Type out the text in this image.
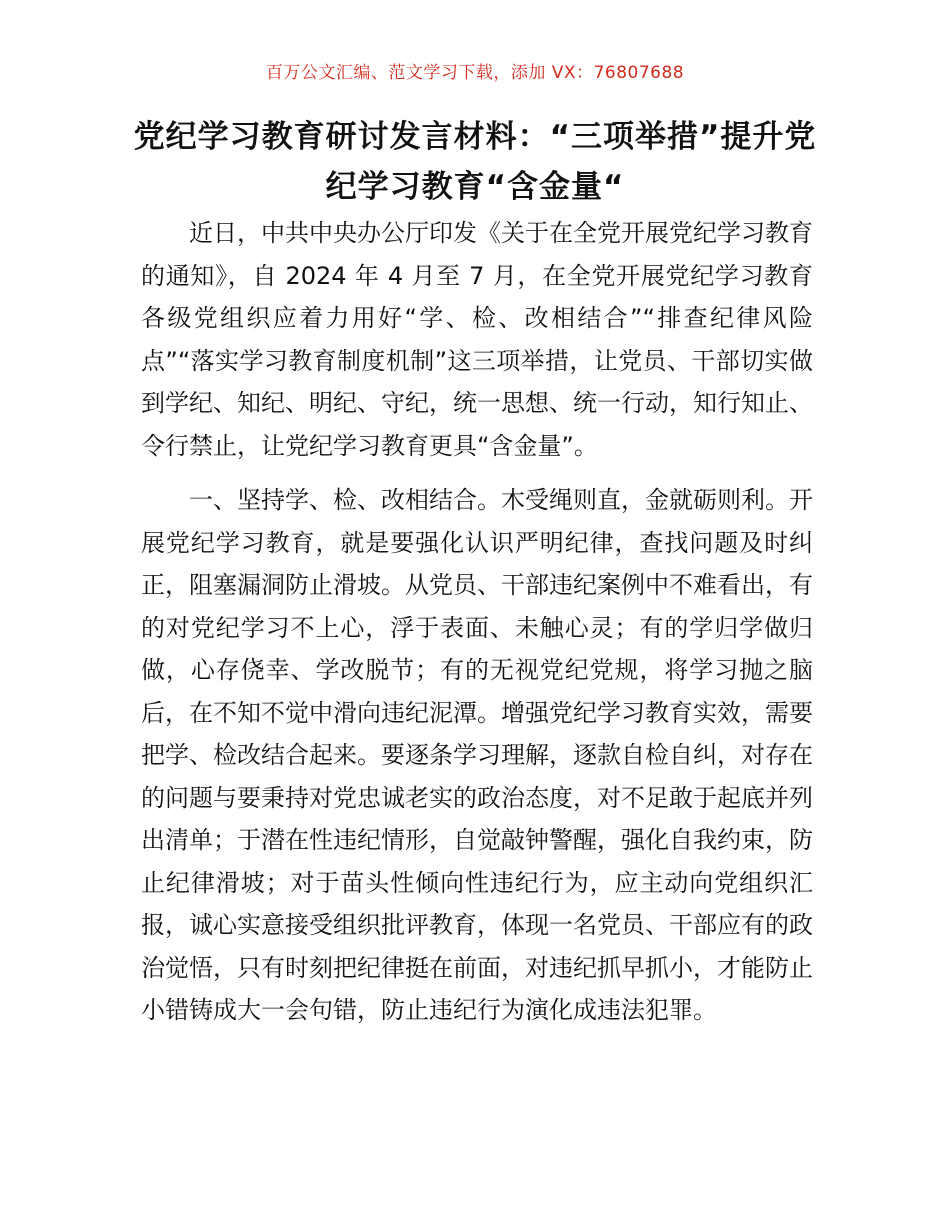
百万公文汇编、范文学习下载，添加 VX：76807688
党纪学习教育研讨发言材料：“三项举措”提升党纪学习教育“含金量“

近日，中共中央办公厅印发《关于在全党开展党纪学习教育的通知》，自 2024 年 4 月至 7 月，在全党开展党纪学习教育各级党组织应着力用好“学、检、改相结合”“排查纪律风险点”“落实学习教育制度机制”这三项举措，让党员、干部切实做到学纪、知纪、明纪、守纪，统一思想、统一行动，知行知止、令行禁止，让党纪学习教育更具“含金量”。

一、坚持学、检、改相结合。木受绳则直，金就砺则利。开展党纪学习教育，就是要强化认识严明纪律，查找问题及时纠正，阻塞漏洞防止滑坡。从党员、干部违纪案例中不难看出，有的对党纪学习不上心，浮于表面、未触心灵；有的学归学做归做，心存侥幸、学改脱节；有的无视党纪党规，将学习抛之脑后，在不知不觉中滑向违纪泥潭。增强党纪学习教育实效，需要把学、检改结合起来。要逐条学习理解，逐款自检自纠，对存在的问题与要秉持对党忠诚老实的政治态度，对不足敢于起底并列出清单；于潜在性违纪情形，自觉敲钟警醒，强化自我约束，防止纪律滑坡；对于苗头性倾向性违纪行为，应主动向党组织汇报，诚心实意接受组织批评教育，体现一名党员、干部应有的政治觉悟，只有时刻把纪律挺在前面，对违纪抓早抓小，才能防止小错铸成大一会句错，防止违纪行为演化成违法犯罪。
